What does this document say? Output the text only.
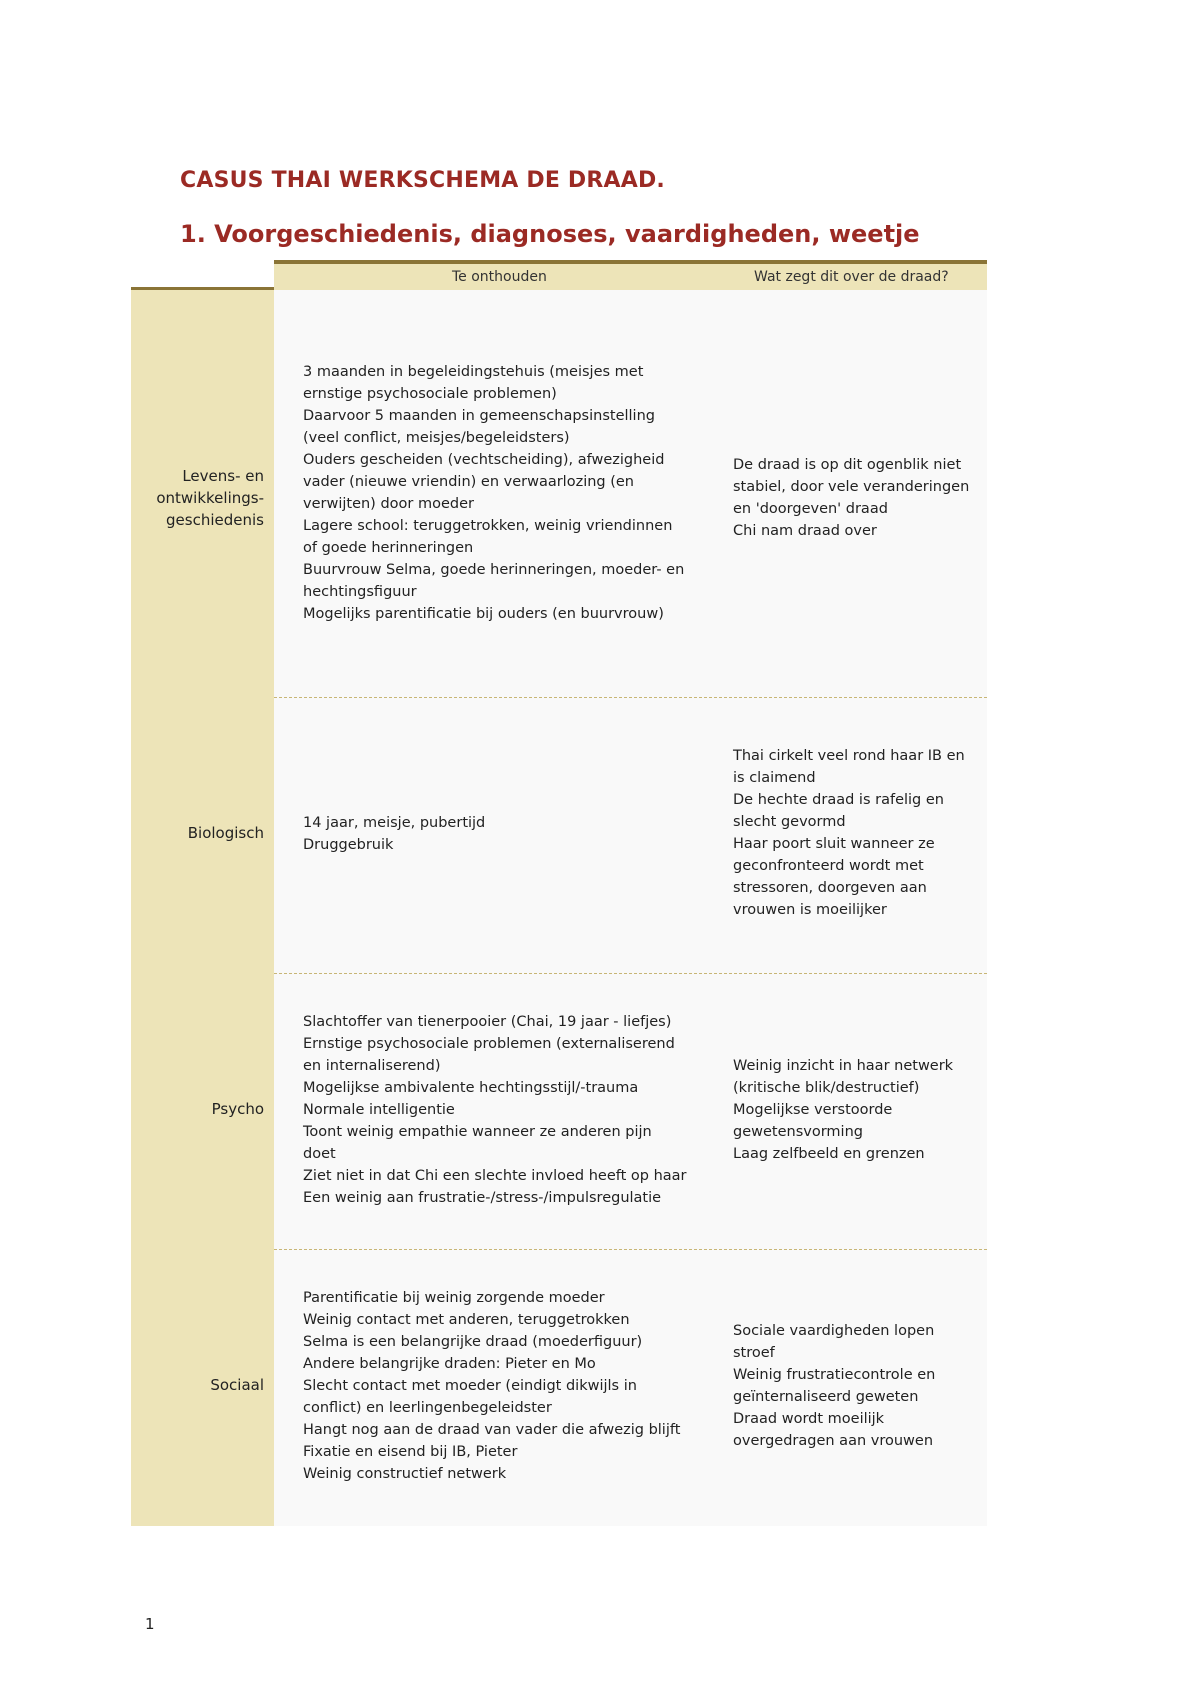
CASUS THAI WERKSCHEMA DE DRAAD.
1. Voorgeschiedenis, diagnoses, vaardigheden, weetje
Te onthouden	Wat zegt dit over de draad?
Levens- en
ontwikkelings-
geschiedenis
3 maanden in begeleidingstehuis (meisjes met
ernstige psychosociale problemen)
Daarvoor 5 maanden in gemeenschapsinstelling
(veel conflict, meisjes/begeleidsters)
Ouders gescheiden (vechtscheiding), afwezigheid
vader (nieuwe vriendin) en verwaarlozing (en
verwijten) door moeder
Lagere school: teruggetrokken, weinig vriendinnen
of goede herinneringen
Buurvrouw Selma, goede herinneringen, moeder- en
hechtingsfiguur
Mogelijks parentificatie bij ouders (en buurvrouw)
De draad is op dit ogenblik niet
stabiel, door vele veranderingen
en 'doorgeven' draad
Chi nam draad over
Biologisch
14 jaar, meisje, pubertijd
Druggebruik
Thai cirkelt veel rond haar IB en
is claimend
De hechte draad is rafelig en
slecht gevormd
Haar poort sluit wanneer ze
geconfronteerd wordt met
stressoren, doorgeven aan
vrouwen is moeilijker
Psycho
Slachtoffer van tienerpooier (Chai, 19 jaar - liefjes)
Ernstige psychosociale problemen (externaliserend
en internaliserend)
Mogelijkse ambivalente hechtingsstijl/-trauma
Normale intelligentie
Toont weinig empathie wanneer ze anderen pijn
doet
Ziet niet in dat Chi een slechte invloed heeft op haar
Een weinig aan frustratie-/stress-/impulsregulatie
Weinig inzicht in haar netwerk
(kritische blik/destructief)
Mogelijkse verstoorde
gewetensvorming
Laag zelfbeeld en grenzen
Sociaal
Parentificatie bij weinig zorgende moeder
Weinig contact met anderen, teruggetrokken
Selma is een belangrijke draad (moederfiguur)
Andere belangrijke draden: Pieter en Mo
Slecht contact met moeder (eindigt dikwijls in
conflict) en leerlingenbegeleidster
Hangt nog aan de draad van vader die afwezig blijft
Fixatie en eisend bij IB, Pieter
Weinig constructief netwerk
Sociale vaardigheden lopen
stroef
Weinig frustratiecontrole en
geïnternaliseerd geweten
Draad wordt moeilijk
overgedragen aan vrouwen
1
